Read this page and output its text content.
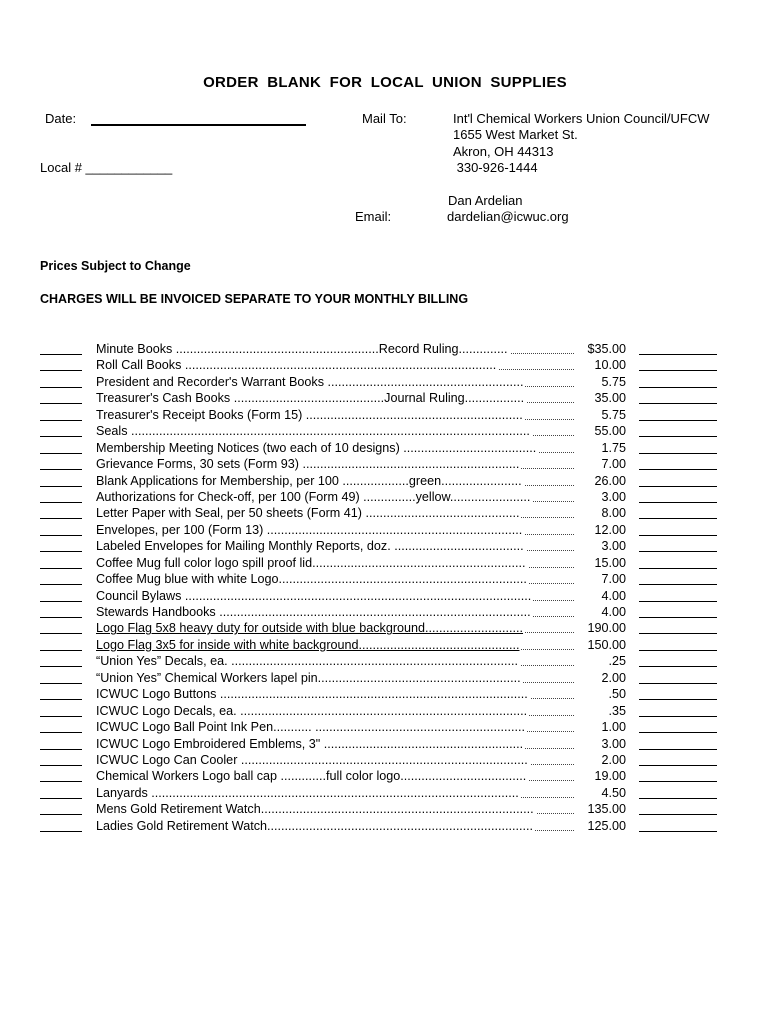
ORDER BLANK FOR LOCAL UNION SUPPLIES
Date:
Local # ____________
Mail To:	Int'l Chemical Workers Union Council/UFCW
1655 West Market St.
Akron, OH 44313
330-926-1444
Dan Ardelian
Email:	dardelian@icwuc.org
Prices Subject to Change
CHARGES WILL BE INVOICED SEPARATE TO YOUR MONTHLY BILLING
Minute Books ..........................................................Record Ruling..............	$35.00
Roll Call Books .........................................................................................	10.00
President and Recorder's Warrant Books ........................................................	5.75
Treasurer's Cash Books ...........................................Journal Ruling.................	35.00
Treasurer's Receipt Books (Form 15) ..............................................................	5.75
Seals ..................................................................................................................	55.00
Membership Meeting Notices (two each of 10 designs) ......................................	1.75
Grievance Forms, 30 sets (Form 93) ..............................................................	7.00
Blank Applications for Membership, per 100 ...................green.......................	26.00
Authorizations for Check-off, per 100 (Form 49) ...............yellow.......................	3.00
Letter Paper with Seal, per 50 sheets (Form 41) ............................................	8.00
Envelopes, per 100 (Form 13) .........................................................................	12.00
Labeled Envelopes for Mailing Monthly Reports, doz. .....................................	3.00
Coffee Mug full color logo spill proof lid.............................................................	15.00
Coffee Mug blue with white Logo.......................................................................	7.00
Council Bylaws ...................................................................................................	4.00
Stewards Handbooks .........................................................................................	4.00
Logo Flag 5x8 heavy duty for outside with blue background............................	190.00
Logo Flag 3x5 for inside with white background..............................................	150.00
“Union Yes” Decals, ea. ..................................................................................	.25
“Union Yes” Chemical Workers lapel pin..........................................................	2.00
ICWUC Logo Buttons ........................................................................................	.50
ICWUC Logo Decals, ea. ..................................................................................	.35
ICWUC Logo Ball Point Ink Pen........... ............................................................	1.00
ICWUC Logo Embroidered Emblems, 3" .........................................................	3.00
ICWUC Logo Can Cooler ..................................................................................	2.00
Chemical Workers Logo ball cap .............full color logo....................................	19.00
Lanyards .........................................................................................................	4.50
Mens Gold Retirement Watch..............................................................................	135.00
Ladies Gold Retirement Watch............................................................................	125.00
